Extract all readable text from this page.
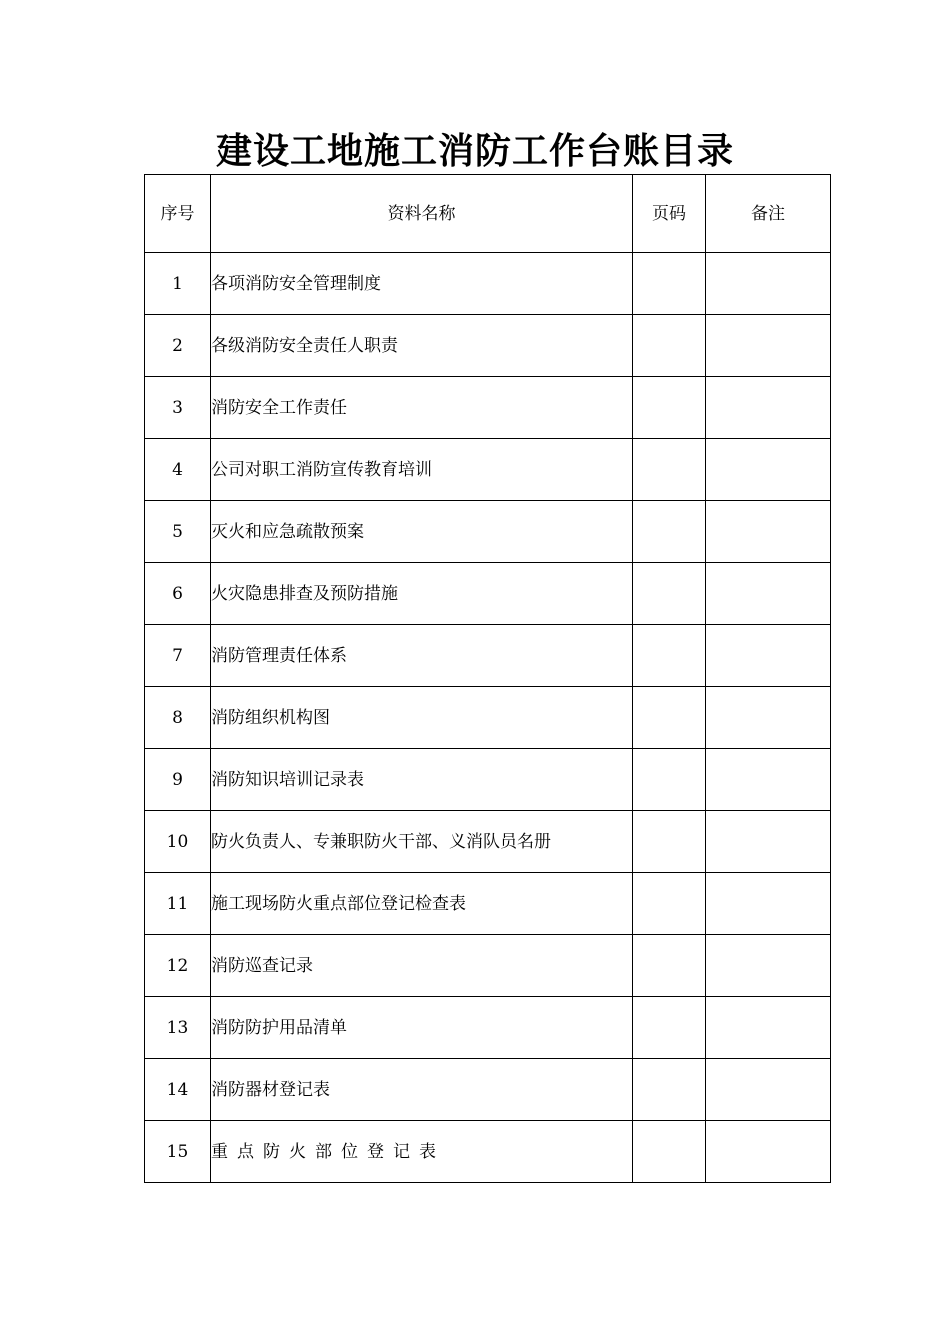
建设工地施工消防工作台账目录
序号	资料名称	页码	备注
1	各项消防安全管理制度		
2	各级消防安全责任人职责		
3	消防安全工作责任		
4	公司对职工消防宣传教育培训		
5	灭火和应急疏散预案		
6	火灾隐患排查及预防措施		
7	消防管理责任体系		
8	消防组织机构图		
9	消防知识培训记录表		
10	防火负责人、专兼职防火干部、义消队员名册		
11	施工现场防火重点部位登记检查表		
12	消防巡查记录		
13	消防防护用品清单		
14	消防器材登记表		
15	重点防火部位登记表		
